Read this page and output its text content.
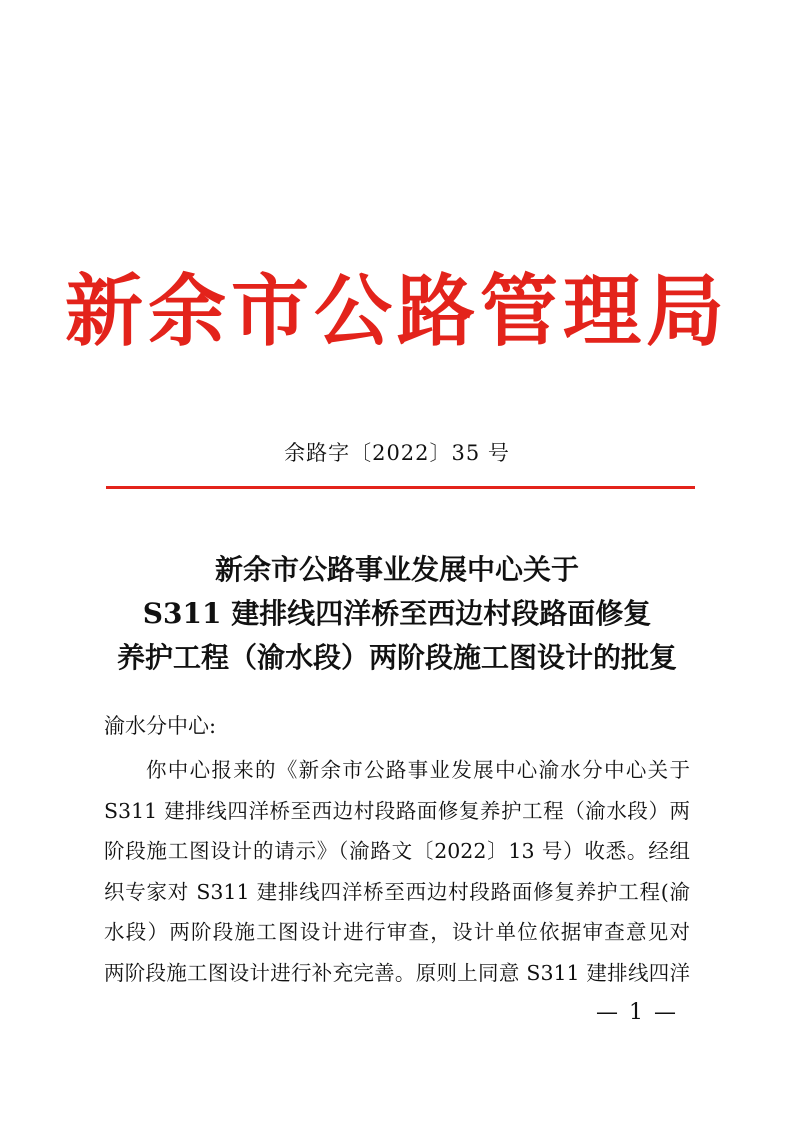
新余市公路管理局
余路字〔2022〕35 号
新余市公路事业发展中心关于
S311 建排线四洋桥至西边村段路面修复
养护工程（渝水段）两阶段施工图设计的批复
渝水分中心:
你中心报来的《新余市公路事业发展中心渝水分中心关于
S311 建排线四洋桥至西边村段路面修复养护工程（渝水段）两
阶段施工图设计的请示》（渝路文〔2022〕13 号）收悉。经组
织专家对 S311 建排线四洋桥至西边村段路面修复养护工程(渝
水段）两阶段施工图设计进行审查，设计单位依据审查意见对
两阶段施工图设计进行补充完善。原则上同意 S311 建排线四洋
— 1 —
